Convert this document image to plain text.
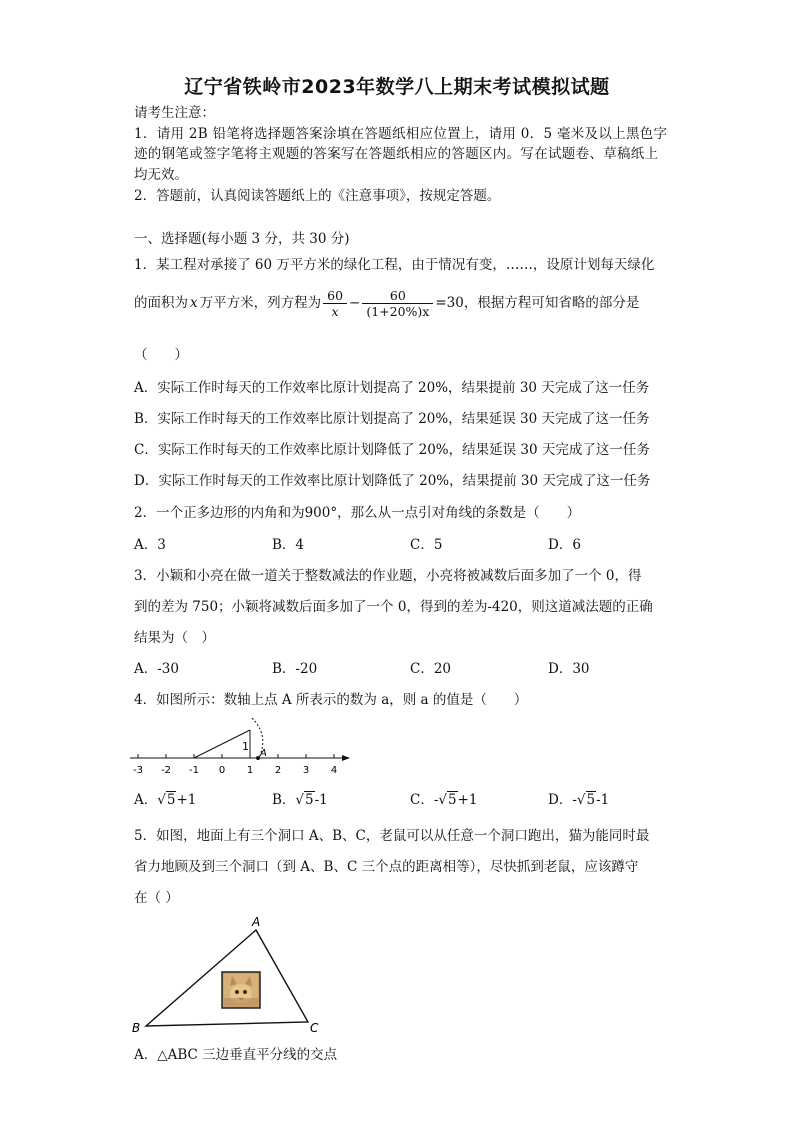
辽宁省铁岭市2023年数学八上期末考试模拟试题
请考生注意：
1．请用 2B 铅笔将选择题答案涂填在答题纸相应位置上，请用 0．5 毫米及以上黑色字
迹的钢笔或签字笔将主观题的答案写在答题纸相应的答题区内。写在试题卷、草稿纸上
均无效。
2．答题前，认真阅读答题纸上的《注意事项》，按规定答题。
一、选择题(每小题 3 分，共 30 分)
1．某工程对承接了 60 万平方米的绿化工程，由于情况有变，……，设原计划每天绿化
的面积为 x 万平方米，列方程为 $\frac{60}{x} - \frac{60}{(1+20\%)x} =30$ ，根据方程可知省略的部分是
（　　）
A．实际工作时每天的工作效率比原计划提高了 20%，结果提前 30 天完成了这一任务
B．实际工作时每天的工作效率比原计划提高了 20%，结果延误 30 天完成了这一任务
C．实际工作时每天的工作效率比原计划降低了 20%，结果延误 30 天完成了这一任务
D．实际工作时每天的工作效率比原计划降低了 20%，结果提前 30 天完成了这一任务
2．一个正多边形的内角和为900°，那么从一点引对角线的条数是（　　）
A．3	B．4	C．5	D．6
3．小颖和小亮在做一道关于整数减法的作业题，小亮将被减数后面多加了一个 0，得
到的差为 750；小颖将减数后面多加了一个 0，得到的差为-420，则这道减法题的正确
结果为（　）
A．-30	B．-20	C．20	D．30
4．如图所示：数轴上点 A 所表示的数为 a，则 a 的值是（　　）
-3 -2 -1 0 1 2 3 4
1
A
A．√5+1	B．√5-1	C．-√5+1	D．-√5-1
5．如图，地面上有三个洞口 A、B、C，老鼠可以从任意一个洞口跑出，猫为能同时最
省力地顾及到三个洞口（到 A、B、C 三个点的距离相等），尽快抓到老鼠，应该蹲守
在（ ）
A
B	C
A．△ABC 三边垂直平分线的交点
